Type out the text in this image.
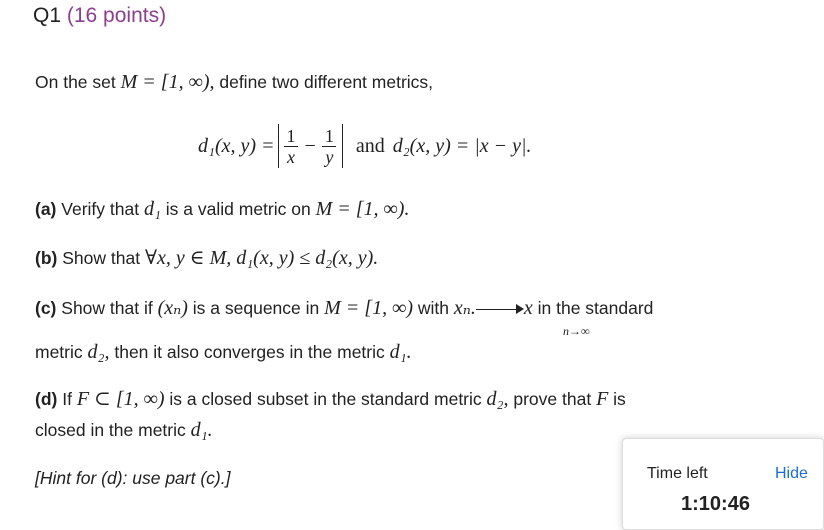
Q1 (16 points)
On the set M = [1, ∞), define two different metrics,
d₁(x, $y) = \frac{1}{x} - \frac{1}{y}$ and d₂(x, y) = |x − y|.
(a) Verify that d₁ is a valid metric on M = [1, ∞).
(b) Show that ∀x, y ∈ M, d₁(x, y) ≤ d₂(x, y).
(c) Show that if (xₙ) is a sequence in M = [1, ∞) with xₙ. x in the standard
n→∞
metric d₂, then it also converges in the metric d₁.
(d) If F ⊂ [1, ∞) is a closed subset in the standard metric d₂, prove that F is
closed in the metric d₁.
[Hint for (d): use part (c).]	Time left	Hide
1:10:46
